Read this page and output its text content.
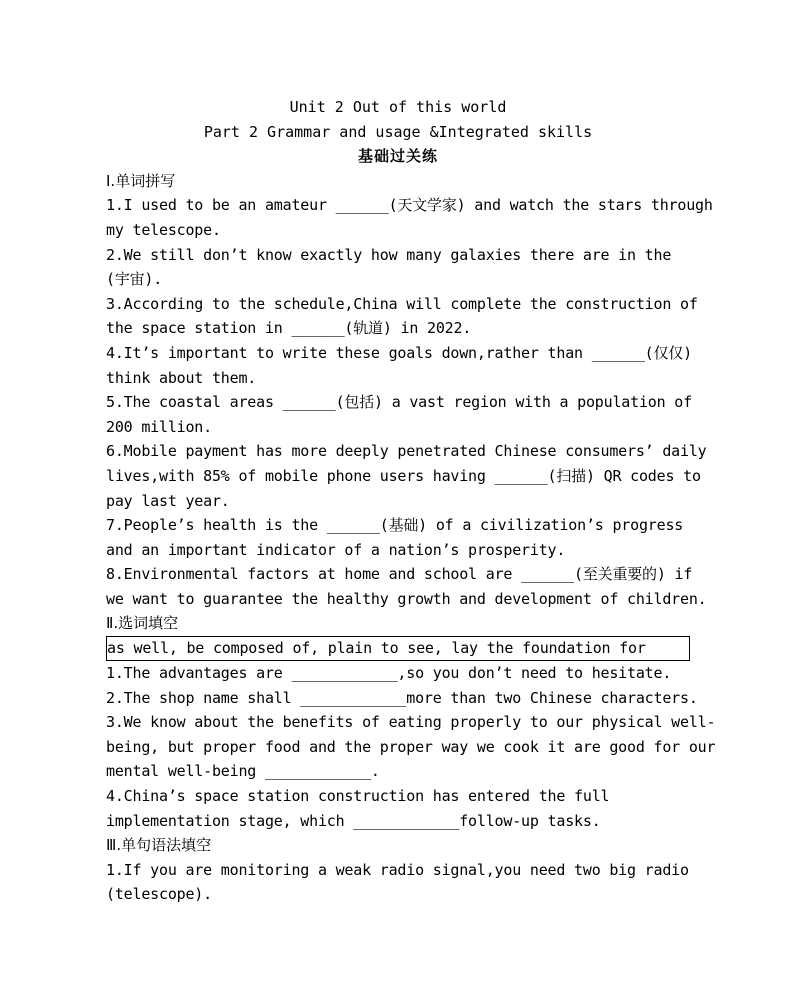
Unit 2 Out of this world
Part 2 Grammar and usage &Integrated skills
基础过关练
Ⅰ.单词拼写
1.I used to be an amateur ______(天文学家) and watch the stars through
my telescope.
2.We still don’t know exactly how many galaxies there are in the
(宇宙).
3.According to the schedule,China will complete the construction of
the space station in ______(轨道) in 2022.
4.It’s important to write these goals down,rather than ______(仅仅)
think about them.
5.The coastal areas ______(包括) a vast region with a population of
200 million.
6.Mobile payment has more deeply penetrated Chinese consumers’ daily
lives,with 85% of mobile phone users having ______(扫描) QR codes to
pay last year.
7.People’s health is the ______(基础) of a civilization’s progress
and an important indicator of a nation’s prosperity.
8.Environmental factors at home and school are ______(至关重要的) if
we want to guarantee the healthy growth and development of children.
Ⅱ.选词填空
as well, be composed of, plain to see, lay the foundation for
1.The advantages are ____________,so you don’t need to hesitate.
2.The shop name shall ____________more than two Chinese characters.
3.We know about the benefits of eating properly to our physical well-
being, but proper food and the proper way we cook it are good for our
mental well-being ____________.
4.China’s space station construction has entered the full
implementation stage, which ____________follow-up tasks.
Ⅲ.单句语法填空
1.If you are monitoring a weak radio signal,you need two big radio
(telescope).
